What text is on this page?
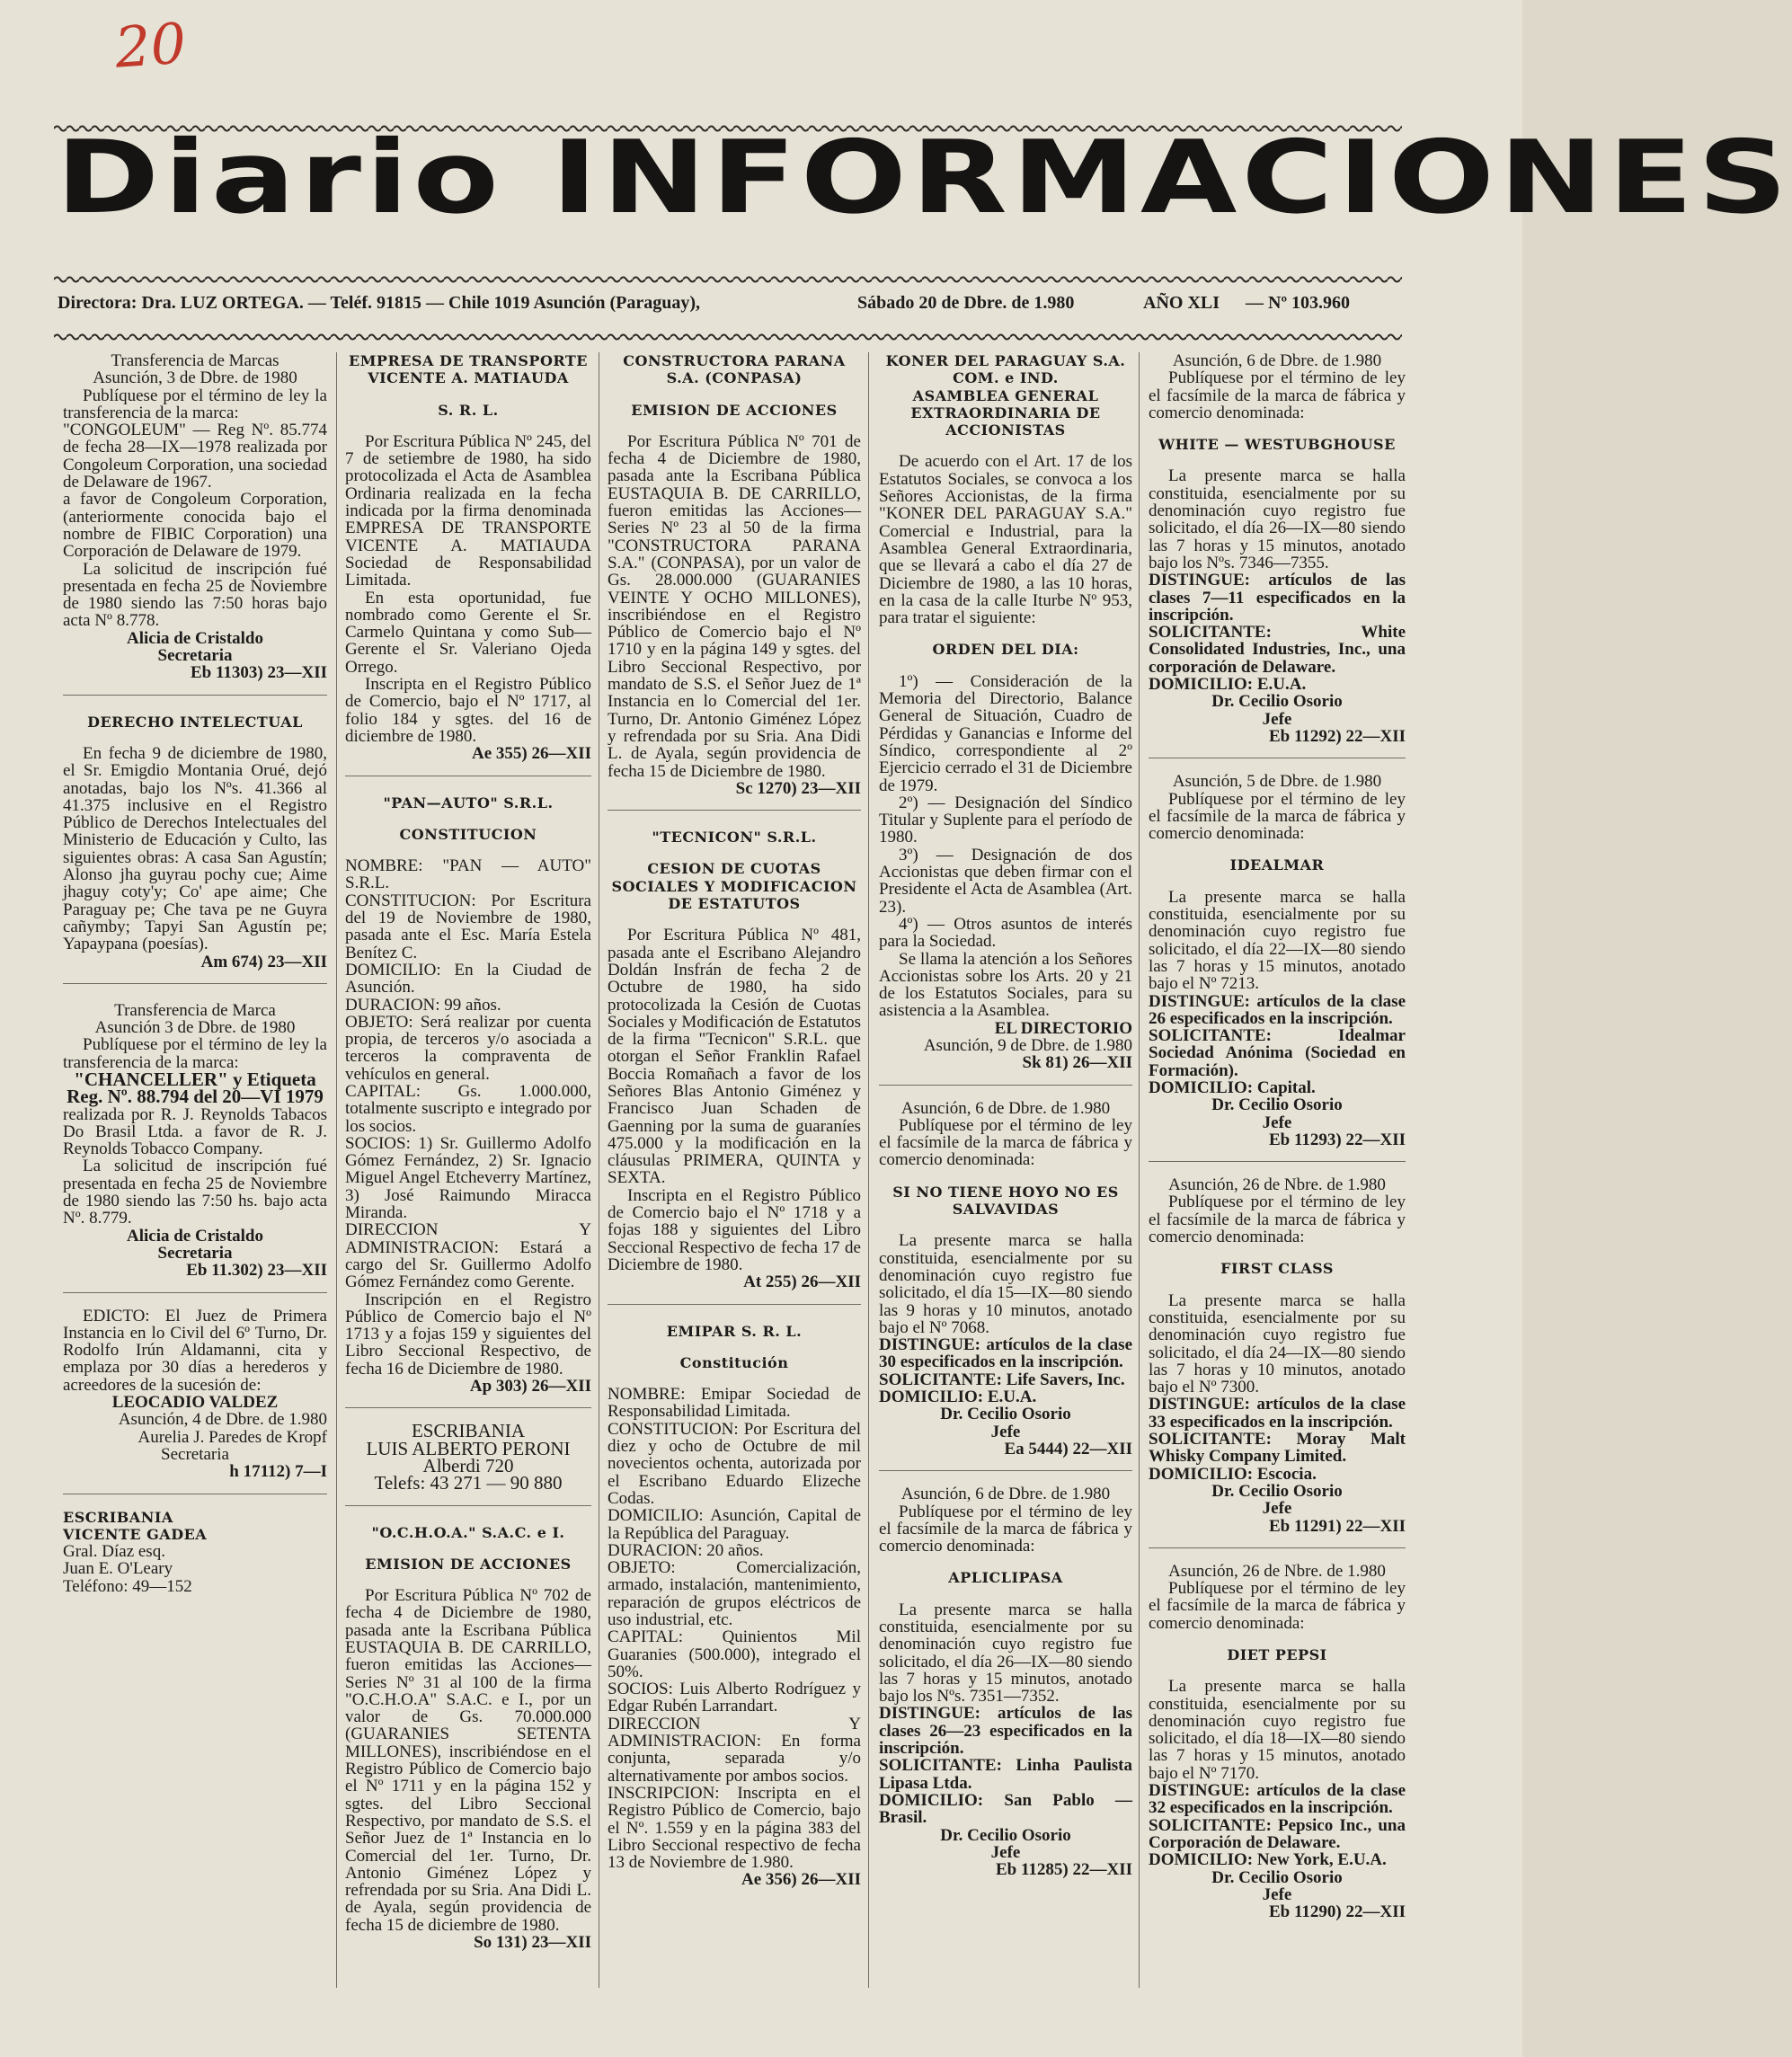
20
Diario INFORMACIONES
Directora: Dra. LUZ ORTEGA. — Teléf. 91815 — Chile 1019 Asunción (Paraguay),	Sábado 20 de Dbre. de 1.980	AÑO XLI — Nº 103.960
Transferencia de Marcas
Asunción, 3 de Dbre. de 1980
Publíquese por el término de ley la transferencia de la marca:
"CONGOLEUM" — Reg Nº. 85.774 de fecha 28—IX—1978 realizada por Congoleum Corporation, una sociedad de Delaware de 1967.
a favor de Congoleum Corporation, (anteriormente conocida bajo el nombre de FIBIC Corporation) una Corporación de Delaware de 1979.
La solicitud de inscripción fué presentada en fecha 25 de Noviembre de 1980 siendo las 7:50 horas bajo acta Nº 8.778.
Alicia de Cristaldo
Secretaria
Eb 11303) 23—XII
DERECHO INTELECTUAL
En fecha 9 de diciembre de 1980, el Sr. Emigdio Montania Orué, dejó anotadas, bajo los Nºs. 41.366 al 41.375 inclusive en el Registro Público de Derechos Intelectuales del Ministerio de Educación y Culto, las siguientes obras: A casa San Agustín; Alonso jha guyrau pochy cue; Aime jhaguy coty'y; Co' ape aime; Che Paraguay pe; Che tava pe ne Guyra cañymby; Tapyi San Agustín pe; Yapaypana (poesías).
Am 674) 23—XII
Transferencia de Marca
Asunción 3 de Dbre. de 1980
Publíquese por el término de ley la transferencia de la marca:
"CHANCELLER" y Etiqueta Reg. Nº. 88.794 del 20—VI 1979
realizada por R. J. Reynolds Tabacos Do Brasil Ltda. a favor de R. J. Reynolds Tobacco Company.
La solicitud de inscripción fué presentada en fecha 25 de Noviembre de 1980 siendo las 7:50 hs. bajo acta Nº. 8.779.
Alicia de Cristaldo
Secretaria
Eb 11.302) 23—XII
EDICTO: El Juez de Primera Instancia en lo Civil del 6º Turno, Dr. Rodolfo Irún Aldamanni, cita y emplaza por 30 días a herederos y acreedores de la sucesión de:
LEOCADIO VALDEZ
Asunción, 4 de Dbre. de 1.980
Aurelia J. Paredes de Kropf
Secretaria
h 17112) 7—I
ESCRIBANIA
VICENTE GADEA
Gral. Díaz esq.
Juan E. O'Leary
Teléfono: 49—152
EMPRESA DE TRANSPORTE VICENTE A. MATIAUDA
S. R. L.
Por Escritura Pública Nº 245, del 7 de setiembre de 1980, ha sido protocolizada el Acta de Asamblea Ordinaria realizada en la fecha indicada por la firma denominada EMPRESA DE TRANSPORTE VICENTE A. MATIAUDA Sociedad de Responsabilidad Limitada.
En esta oportunidad, fue nombrado como Gerente el Sr. Carmelo Quintana y como Sub—Gerente el Sr. Valeriano Ojeda Orrego.
Inscripta en el Registro Público de Comercio, bajo el Nº 1717, al folio 184 y sgtes. del 16 de diciembre de 1980.
Ae 355) 26—XII
"PAN—AUTO" S.R.L.
CONSTITUCION
NOMBRE: "PAN — AUTO" S.R.L.
CONSTITUCION: Por Escritura del 19 de Noviembre de 1980, pasada ante el Esc. María Estela Benítez C.
DOMICILIO: En la Ciudad de Asunción.
DURACION: 99 años.
OBJETO: Será realizar por cuenta propia, de terceros y/o asociada a terceros la compraventa de vehículos en general.
CAPITAL: Gs. 1.000.000, totalmente suscripto e integrado por los socios.
SOCIOS: 1) Sr. Guillermo Adolfo Gómez Fernández, 2) Sr. Ignacio Miguel Angel Etcheverry Martínez, 3) José Raimundo Miracca Miranda.
DIRECCION Y ADMINISTRACION: Estará a cargo del Sr. Guillermo Adolfo Gómez Fernández como Gerente.
Inscripción en el Registro Público de Comercio bajo el Nº 1713 y a fojas 159 y siguientes del Libro Seccional Respectivo, de fecha 16 de Diciembre de 1980.
Ap 303) 26—XII
ESCRIBANIA
LUIS ALBERTO PERONI
Alberdi 720
Telefs: 43 271 — 90 880
"O.C.H.O.A." S.A.C. e I.
EMISION DE ACCIONES
Por Escritura Pública Nº 702 de fecha 4 de Diciembre de 1980, pasada ante la Escribana Pública EUSTAQUIA B. DE CARRILLO, fueron emitidas las Acciones—Series Nº 31 al 100 de la firma "O.C.H.O.A" S.A.C. e I., por un valor de Gs. 70.000.000 (GUARANIES SETENTA MILLONES), inscribiéndose en el Registro Público de Comercio bajo el Nº 1711 y en la página 152 y sgtes. del Libro Seccional Respectivo, por mandato de S.S. el Señor Juez de 1ª Instancia en lo Comercial del 1er. Turno, Dr. Antonio Giménez López y refrendada por su Sria. Ana Didi L. de Ayala, según providencia de fecha 15 de diciembre de 1980.
So 131) 23—XII
CONSTRUCTORA PARANA S.A. (CONPASA)
EMISION DE ACCIONES
Por Escritura Pública Nº 701 de fecha 4 de Diciembre de 1980, pasada ante la Escribana Pública EUSTAQUIA B. DE CARRILLO, fueron emitidas las Acciones—Series Nº 23 al 50 de la firma "CONSTRUCTORA PARANA S.A." (CONPASA), por un valor de Gs. 28.000.000 (GUARANIES VEINTE Y OCHO MILLONES), inscribiéndose en el Registro Público de Comercio bajo el Nº 1710 y en la página 149 y sgtes. del Libro Seccional Respectivo, por mandato de S.S. el Señor Juez de 1ª Instancia en lo Comercial del 1er. Turno, Dr. Antonio Giménez López y refrendada por su Sria. Ana Didi L. de Ayala, según providencia de fecha 15 de Diciembre de 1980.
Sc 1270) 23—XII
"TECNICON" S.R.L.
CESION DE CUOTAS SOCIALES Y MODIFICACION DE ESTATUTOS
Por Escritura Pública Nº 481, pasada ante el Escribano Alejandro Doldán Insfrán de fecha 2 de Octubre de 1980, ha sido protocolizada la Cesión de Cuotas Sociales y Modificación de Estatutos de la firma "Tecnicon" S.R.L. que otorgan el Señor Franklin Rafael Boccia Romañach a favor de los Señores Blas Antonio Giménez y Francisco Juan Schaden de Gaenning por la suma de guaraníes 475.000 y la modificación en la cláusulas PRIMERA, QUINTA y SEXTA.
Inscripta en el Registro Público de Comercio bajo el Nº 1718 y a fojas 188 y siguientes del Libro Seccional Respectivo de fecha 17 de Diciembre de 1980.
At 255) 26—XII
EMIPAR S. R. L.
Constitución
NOMBRE: Emipar Sociedad de Responsabilidad Limitada.
CONSTITUCION: Por Escritura del diez y ocho de Octubre de mil novecientos ochenta, autorizada por el Escribano Eduardo Elizeche Codas.
DOMICILIO: Asunción, Capital de la República del Paraguay.
DURACION: 20 años.
OBJETO: Comercialización, armado, instalación, mantenimiento, reparación de grupos eléctricos de uso industrial, etc.
CAPITAL: Quinientos Mil Guaranies (500.000), integrado el 50%.
SOCIOS: Luis Alberto Rodríguez y Edgar Rubén Larrandart.
DIRECCION Y ADMINISTRACION: En forma conjunta, separada y/o alternativamente por ambos socios.
INSCRIPCION: Inscripta en el Registro Público de Comercio, bajo el Nº. 1.559 y en la página 383 del Libro Seccional respectivo de fecha 13 de Noviembre de 1.980.
Ae 356) 26—XII
KONER DEL PARAGUAY S.A. COM. e IND.
ASAMBLEA GENERAL EXTRAORDINARIA DE ACCIONISTAS
De acuerdo con el Art. 17 de los Estatutos Sociales, se convoca a los Señores Accionistas, de la firma "KONER DEL PARAGUAY S.A." Comercial e Industrial, para la Asamblea General Extraordinaria, que se llevará a cabo el día 27 de Diciembre de 1980, a las 10 horas, en la casa de la calle Iturbe Nº 953, para tratar el siguiente:
ORDEN DEL DIA:
1º) — Consideración de la Memoria del Directorio, Balance General de Situación, Cuadro de Pérdidas y Ganancias e Informe del Síndico, correspondiente al 2º Ejercicio cerrado el 31 de Diciembre de 1979.
2º) — Designación del Síndico Titular y Suplente para el período de 1980.
3º) — Designación de dos Accionistas que deben firmar con el Presidente el Acta de Asamblea (Art. 23).
4º) — Otros asuntos de interés para la Sociedad.
Se llama la atención a los Señores Accionistas sobre los Arts. 20 y 21 de los Estatutos Sociales, para su asistencia a la Asamblea.
EL DIRECTORIO
Asunción, 9 de Dbre. de 1.980
Sk 81) 26—XII
Asunción, 6 de Dbre. de 1.980
Publíquese por el término de ley el facsímile de la marca de fábrica y comercio denominada:
SI NO TIENE HOYO NO ES SALVAVIDAS
La presente marca se halla constituida, esencialmente por su denominación cuyo registro fue solicitado, el día 15—IX—80 siendo las 9 horas y 10 minutos, anotado bajo el Nº 7068.
DISTINGUE: artículos de la clase 30 especificados en la inscripción.
SOLICITANTE: Life Savers, Inc.
DOMICILIO: E.U.A.
Dr. Cecilio Osorio
Jefe
Ea 5444) 22—XII
Asunción, 6 de Dbre. de 1.980
Publíquese por el término de ley el facsímile de la marca de fábrica y comercio denominada:
APLICLIPASA
La presente marca se halla constituida, esencialmente por su denominación cuyo registro fue solicitado, el día 26—IX—80 siendo las 7 horas y 15 minutos, anotado bajo los Nºs. 7351—7352.
DISTINGUE: artículos de las clases 26—23 especificados en la inscripción.
SOLICITANTE: Linha Paulista Lipasa Ltda.
DOMICILIO: San Pablo — Brasil.
Dr. Cecilio Osorio
Jefe
Eb 11285) 22—XII
Asunción, 6 de Dbre. de 1.980
Publíquese por el término de ley el facsímile de la marca de fábrica y comercio denominada:
WHITE — WESTUBGHOUSE
La presente marca se halla constituida, esencialmente por su denominación cuyo registro fue solicitado, el día 26—IX—80 siendo las 7 horas y 15 minutos, anotado bajo los Nºs. 7346—7355.
DISTINGUE: artículos de las clases 7—11 especificados en la inscripción.
SOLICITANTE: White Consolidated Industries, Inc., una corporación de Delaware.
DOMICILIO: E.U.A.
Dr. Cecilio Osorio
Jefe
Eb 11292) 22—XII
Asunción, 5 de Dbre. de 1.980
Publíquese por el término de ley el facsímile de la marca de fábrica y comercio denominada:
IDEALMAR
La presente marca se halla constituida, esencialmente por su denominación cuyo registro fue solicitado, el día 22—IX—80 siendo las 7 horas y 15 minutos, anotado bajo el Nº 7213.
DISTINGUE: artículos de la clase 26 especificados en la inscripción.
SOLICITANTE: Idealmar Sociedad Anónima (Sociedad en Formación).
DOMICILIO: Capital.
Dr. Cecilio Osorio
Jefe
Eb 11293) 22—XII
Asunción, 26 de Nbre. de 1.980
Publíquese por el término de ley el facsímile de la marca de fábrica y comercio denominada:
FIRST CLASS
La presente marca se halla constituida, esencialmente por su denominación cuyo registro fue solicitado, el día 24—IX—80 siendo las 7 horas y 10 minutos, anotado bajo el Nº 7300.
DISTINGUE: artículos de la clase 33 especificados en la inscripción.
SOLICITANTE: Moray Malt Whisky Company Limited.
DOMICILIO: Escocia.
Dr. Cecilio Osorio
Jefe
Eb 11291) 22—XII
Asunción, 26 de Nbre. de 1.980
Publíquese por el término de ley el facsímile de la marca de fábrica y comercio denominada:
DIET PEPSI
La presente marca se halla constituida, esencialmente por su denominación cuyo registro fue solicitado, el día 18—IX—80 siendo las 7 horas y 15 minutos, anotado bajo el Nº 7170.
DISTINGUE: artículos de la clase 32 especificados en la inscripción.
SOLICITANTE: Pepsico Inc., una Corporación de Delaware.
DOMICILIO: New York, E.U.A.
Dr. Cecilio Osorio
Jefe
Eb 11290) 22—XII
